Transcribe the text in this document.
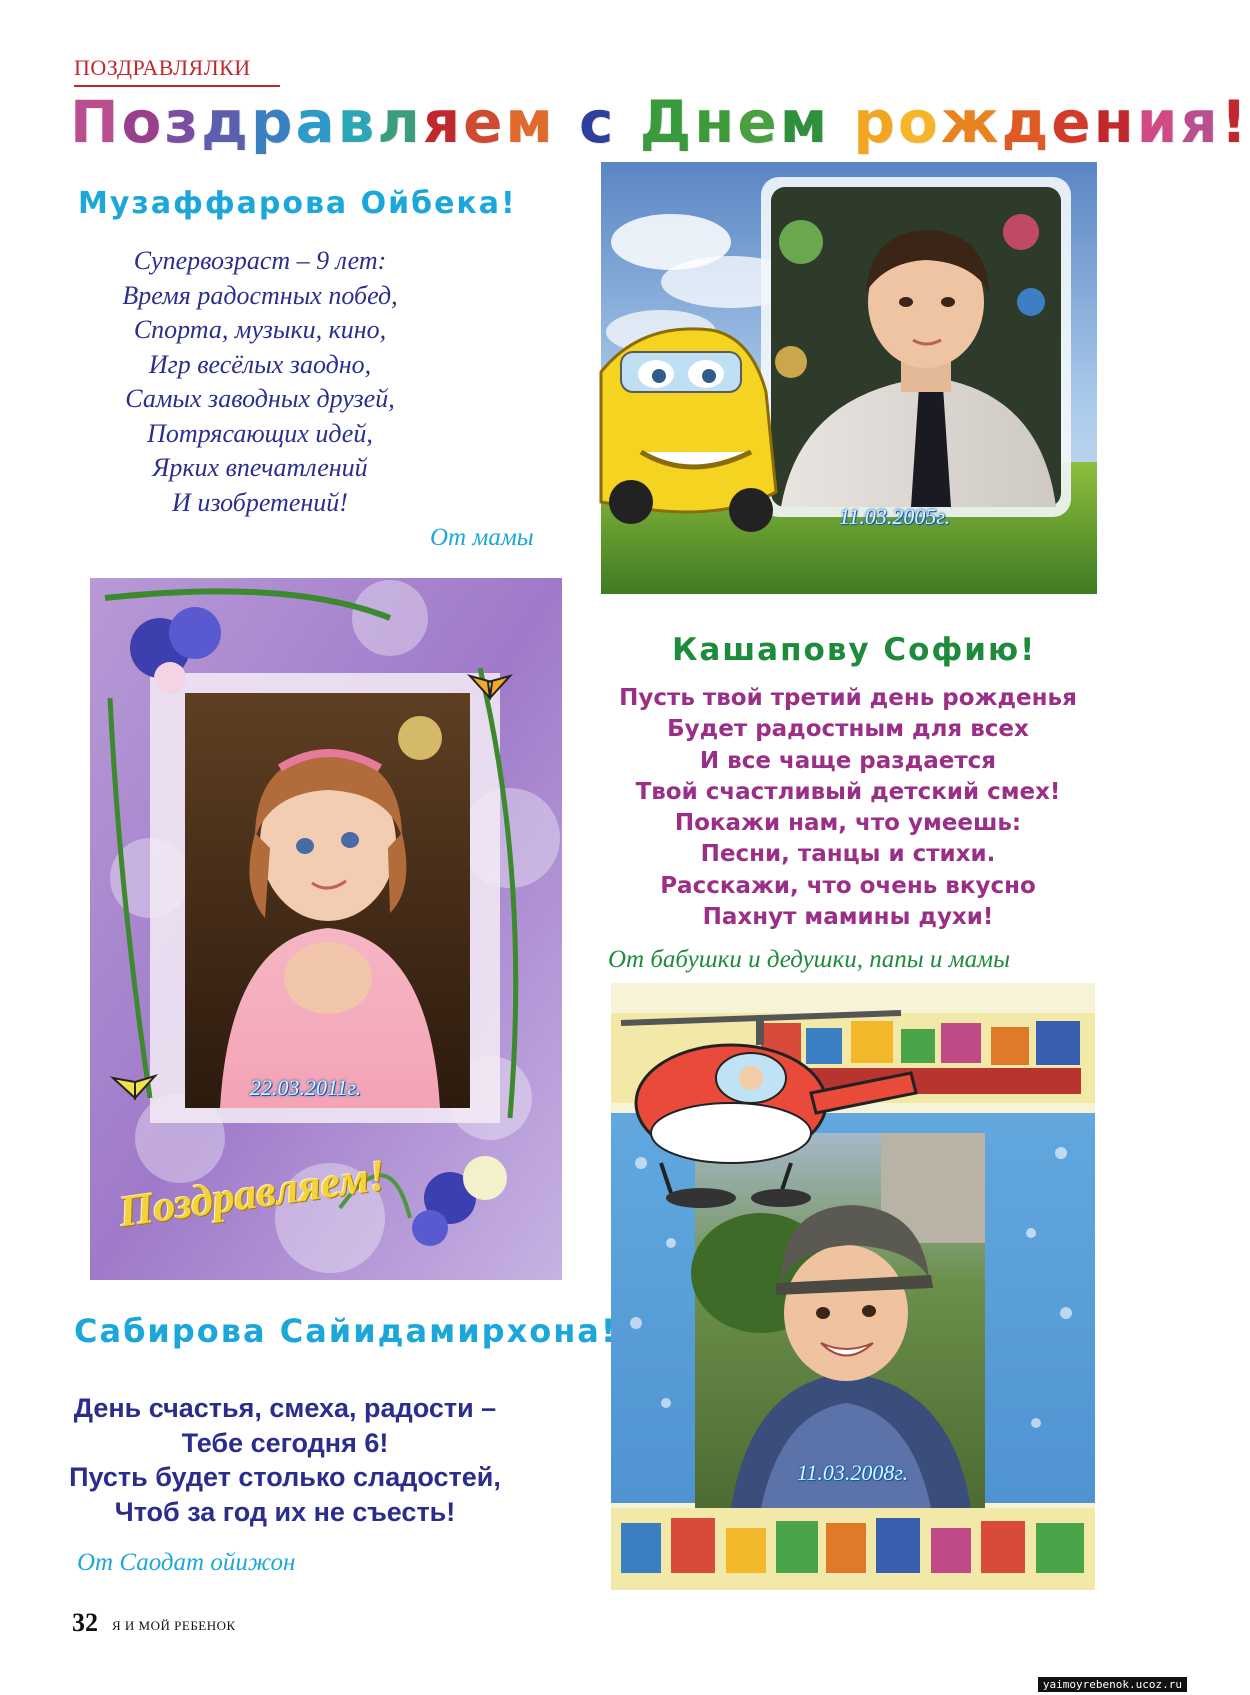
ПОЗДРАВЛЯЛКИ
Поздравляем с Днем рождения!
Музаффарова Ойбека!
Супервозраст – 9 лет:
Время радостных побед,
Спорта, музыки, кино,
Игр весёлых заодно,
Самых заводных друзей,
Потрясающих идей,
Ярких впечатлений
И изобретений!
От мамы
11.03.2005г.
22.03.2011г.
Поздравляем!
Кашапову Софию!
Пусть твой третий день рожденья
Будет радостным для всех
И все чаще раздается
Твой счастливый детский смех!
Покажи нам, что умеешь:
Песни, танцы и стихи.
Расскажи, что очень вкусно
Пахнут мамины духи!
От бабушки и дедушки, папы и мамы
11.03.2008г.
Сабирова Сайидамирхона!
День счастья, смеха, радости –
Тебе сегодня 6!
Пусть будет столько сладостей,
Чтоб за год их не съесть!
От Саодат ойижон
32 Я И МОЙ РЕБЕНОК
yaimoyrebenok.ucoz.ru
